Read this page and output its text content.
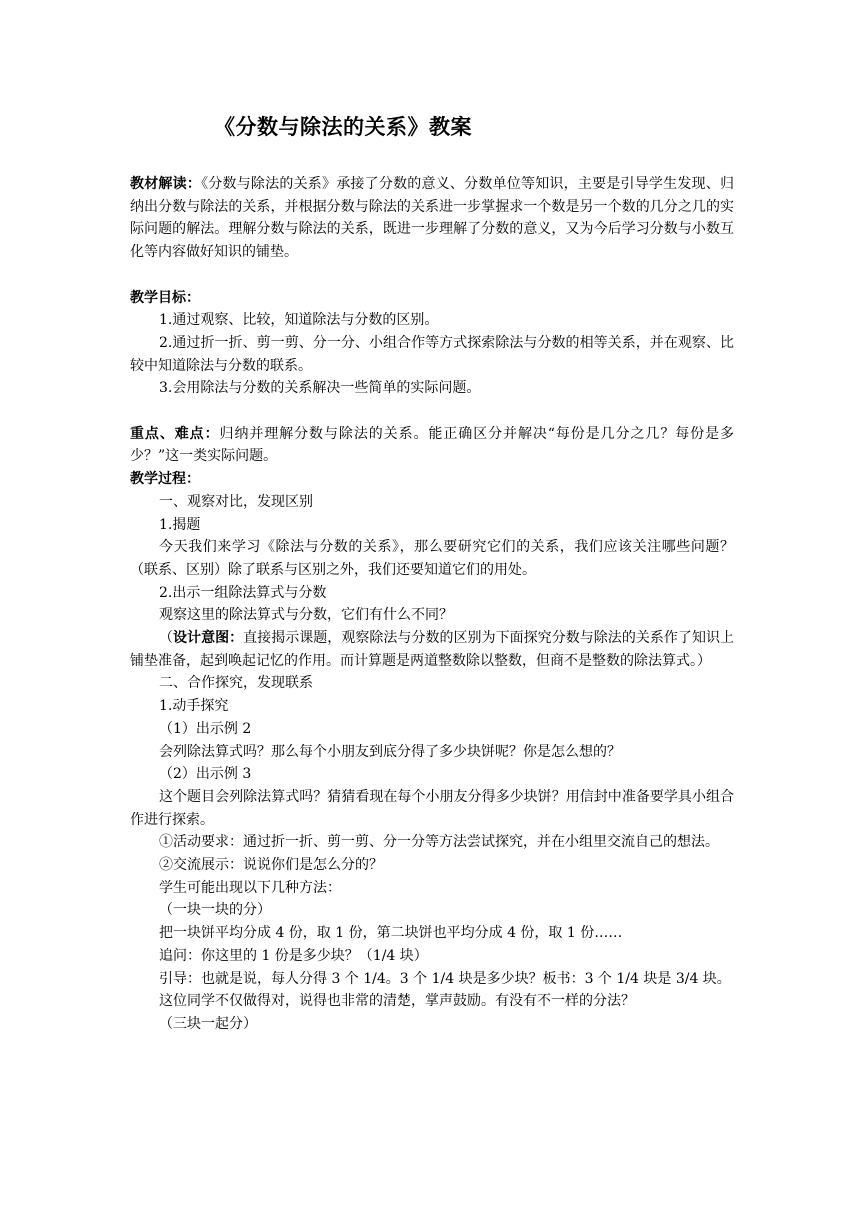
《分数与除法的关系》教案

教材解读：《分数与除法的关系》承接了分数的意义、分数单位等知识，主要是引导学生发现、归纳出分数与除法的关系，并根据分数与除法的关系进一步掌握求一个数是另一个数的几分之几的实际问题的解法。理解分数与除法的关系，既进一步理解了分数的意义，又为今后学习分数与小数互化等内容做好知识的铺垫。

教学目标：

1.通过观察、比较，知道除法与分数的区别。

2.通过折一折、剪一剪、分一分、小组合作等方式探索除法与分数的相等关系，并在观察、比较中知道除法与分数的联系。

3.会用除法与分数的关系解决一些简单的实际问题。

重点、难点：归纳并理解分数与除法的关系。能正确区分并解决“每份是几分之几？每份是多少？”这一类实际问题。

教学过程：

一、观察对比，发现区别

1.揭题

今天我们来学习《除法与分数的关系》，那么要研究它们的关系，我们应该关注哪些问题？（联系、区别）除了联系与区别之外，我们还要知道它们的用处。

2.出示一组除法算式与分数

观察这里的除法算式与分数，它们有什么不同？

（设计意图：直接揭示课题，观察除法与分数的区别为下面探究分数与除法的关系作了知识上铺垫准备，起到唤起记忆的作用。而计算题是两道整数除以整数，但商不是整数的除法算式。）

二、合作探究，发现联系

1.动手探究

（1）出示例 2

会列除法算式吗？那么每个小朋友到底分得了多少块饼呢？你是怎么想的？

（2）出示例 3

这个题目会列除法算式吗？猜猜看现在每个小朋友分得多少块饼？用信封中准备要学具小组合作进行探索。

①活动要求：通过折一折、剪一剪、分一分等方法尝试探究，并在小组里交流自己的想法。

②交流展示：说说你们是怎么分的？

学生可能出现以下几种方法：

（一块一块的分）

把一块饼平均分成 4 份，取 1 份，第二块饼也平均分成 4 份，取 1 份……

追问：你这里的 1 份是多少块？（1/4 块）

引导：也就是说，每人分得 3 个 1/4。3 个 1/4 块是多少块？板书：3 个 1/4 块是 3/4 块。

这位同学不仅做得对，说得也非常的清楚，掌声鼓励。有没有不一样的分法？

（三块一起分）
